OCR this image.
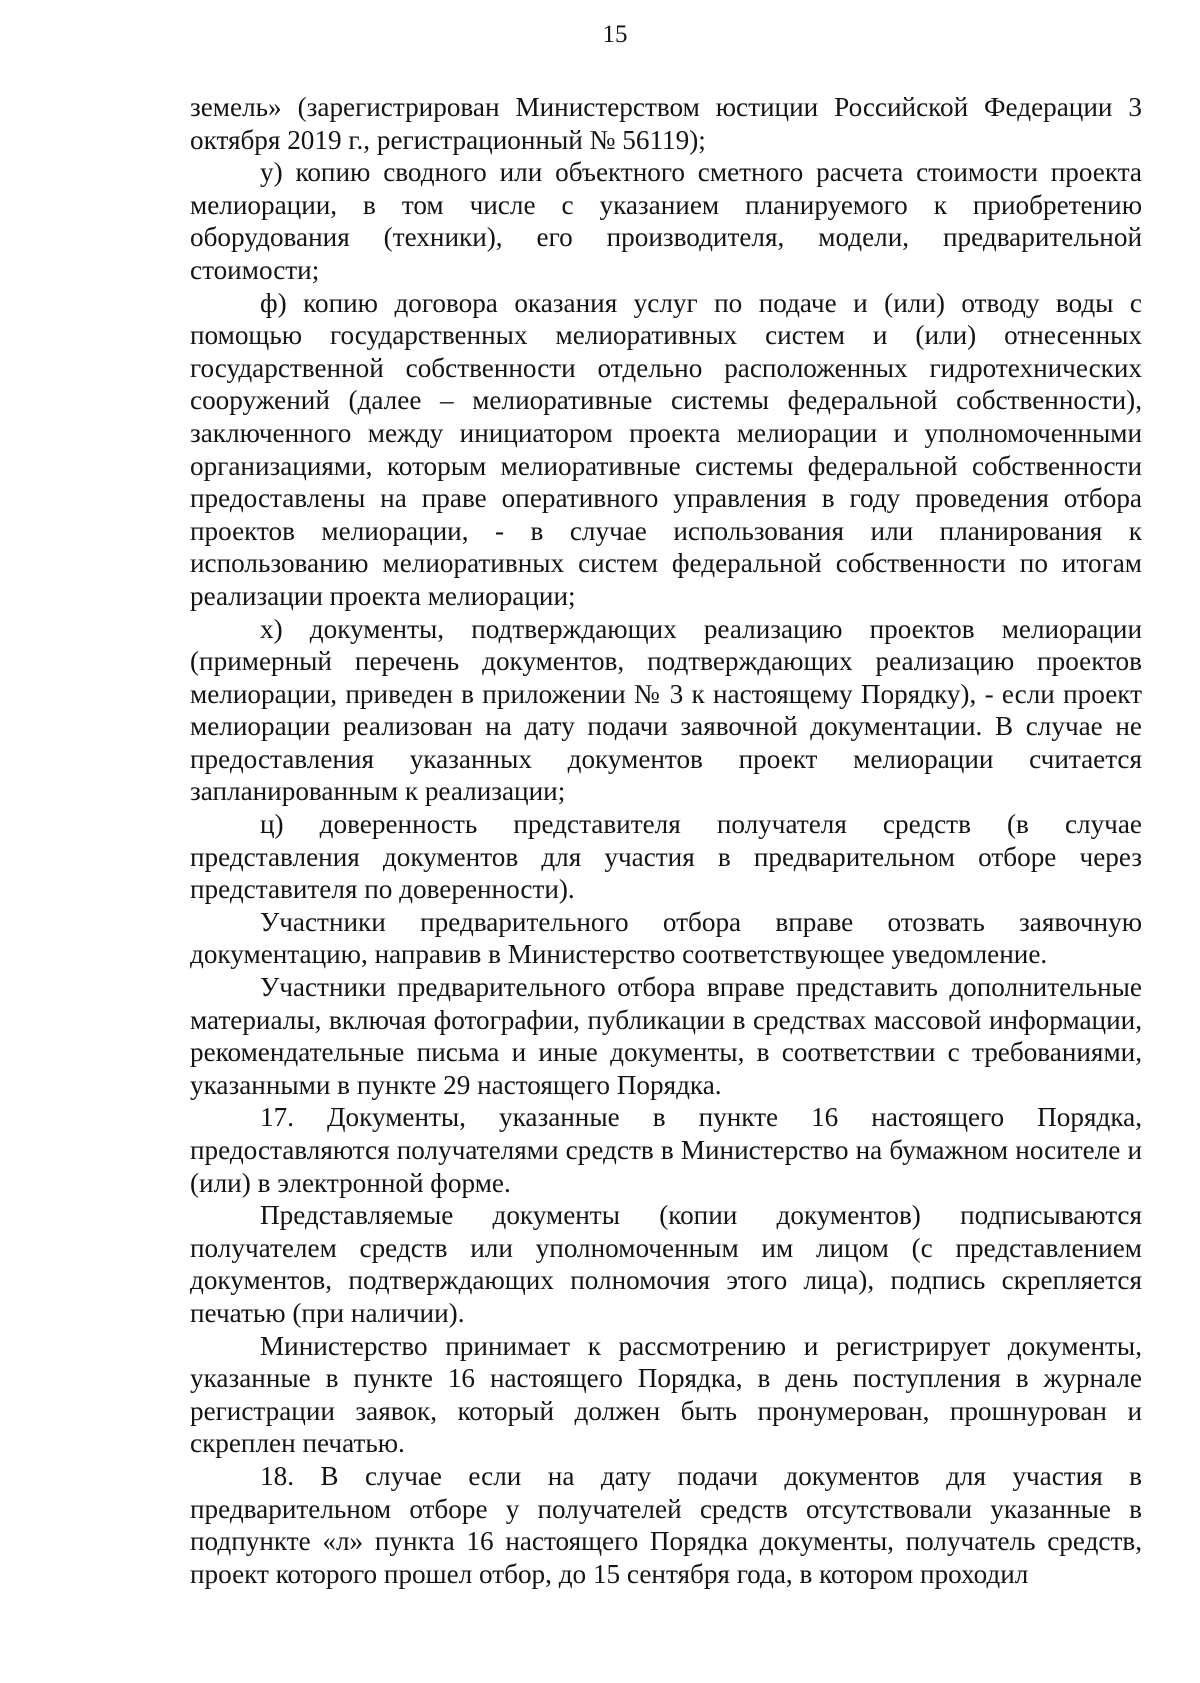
15

земель» (зарегистрирован Министерством юстиции Российской Федерации 3 октября 2019 г., регистрационный № 56119);

у) копию сводного или объектного сметного расчета стоимости проекта мелиорации, в том числе с указанием планируемого к приобретению оборудования (техники), его производителя, модели, предварительной стоимости;

ф) копию договора оказания услуг по подаче и (или) отводу воды с помощью государственных мелиоративных систем и (или) отнесенных государственной собственности отдельно расположенных гидротехнических сооружений (далее – мелиоративные системы федеральной собственности), заключенного между инициатором проекта мелиорации и уполномоченными организациями, которым мелиоративные системы федеральной собственности предоставлены на праве оперативного управления в году проведения отбора проектов мелиорации, - в случае использования или планирования к использованию мелиоративных систем федеральной собственности по итогам реализации проекта мелиорации;

х) документы, подтверждающих реализацию проектов мелиорации (примерный перечень документов, подтверждающих реализацию проектов мелиорации, приведен в приложении № 3 к настоящему Порядку), - если проект мелиорации реализован на дату подачи заявочной документации. В случае не предоставления указанных документов проект мелиорации считается запланированным к реализации;

ц) доверенность представителя получателя средств (в случае представления документов для участия в предварительном отборе через представителя по доверенности).

Участники предварительного отбора вправе отозвать заявочную документацию, направив в Министерство соответствующее уведомление.

Участники предварительного отбора вправе представить дополнительные материалы, включая фотографии, публикации в средствах массовой информации, рекомендательные письма и иные документы, в соответствии с требованиями, указанными в пункте 29 настоящего Порядка.

17. Документы, указанные в пункте 16 настоящего Порядка, предоставляются получателями средств в Министерство на бумажном носителе и (или) в электронной форме.

Представляемые документы (копии документов) подписываются получателем средств или уполномоченным им лицом (с представлением документов, подтверждающих полномочия этого лица), подпись скрепляется печатью (при наличии).

Министерство принимает к рассмотрению и регистрирует документы, указанные в пункте 16 настоящего Порядка, в день поступления в журнале регистрации заявок, который должен быть пронумерован, прошнурован и скреплен печатью.

18. В случае если на дату подачи документов для участия в предварительном отборе у получателей средств отсутствовали указанные в подпункте «л» пункта 16 настоящего Порядка документы, получатель средств, проект которого прошел отбор, до 15 сентября года, в котором проходил
